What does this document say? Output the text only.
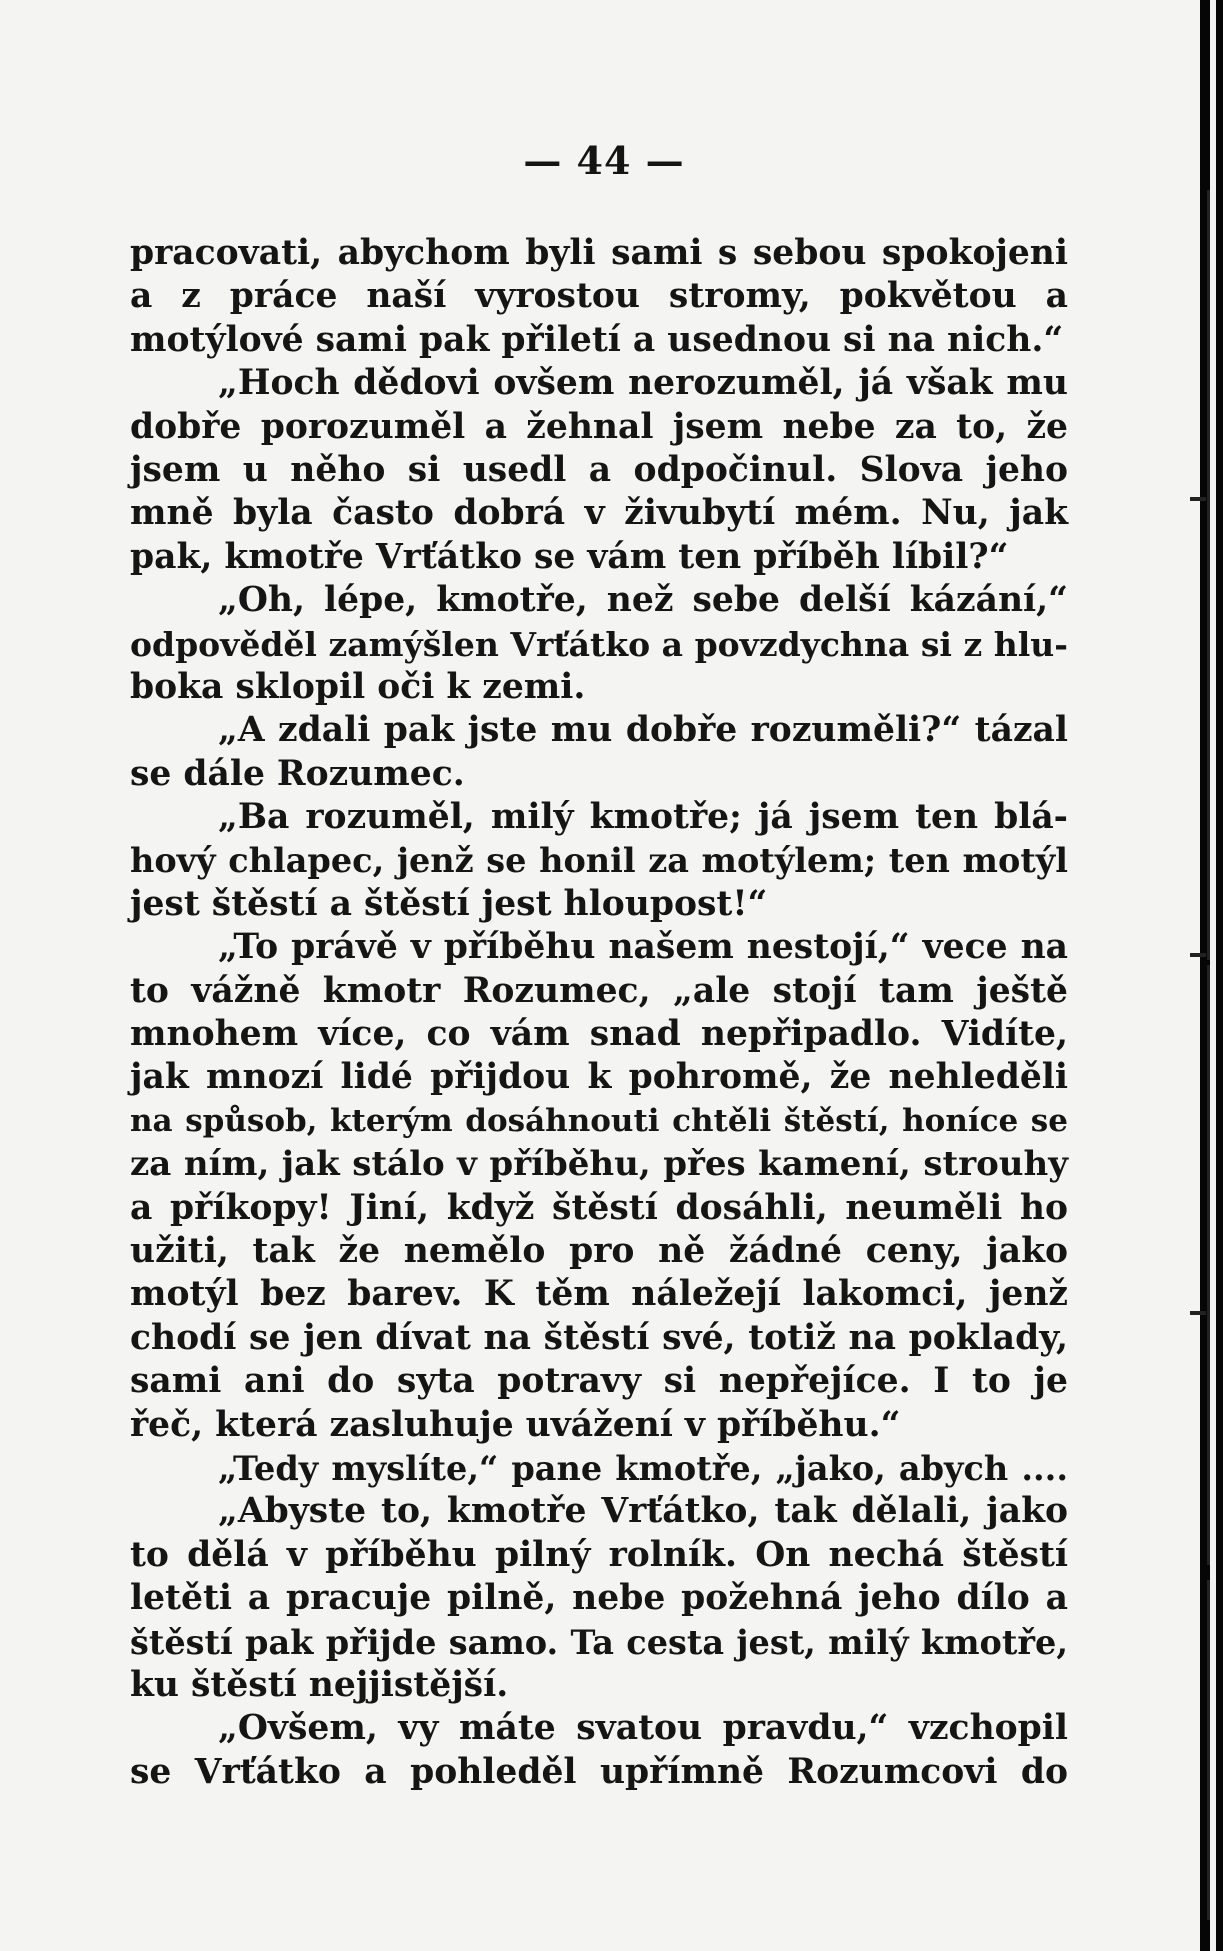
— 44 —
pracovati, abychom byli sami s sebou spokojeni
a z práce naší vyrostou stromy, pokvětou a
motýlové sami pak přiletí a usednou si na nich.“
„Hoch dědovi ovšem nerozuměl, já však mu
dobře porozuměl a žehnal jsem nebe za to, že
jsem u něho si usedl a odpočinul. Slova jeho
mně byla často dobrá v živubytí mém. Nu, jak
pak, kmotře Vrťátko se vám ten příběh líbil?“
„Oh, lépe, kmotře, než sebe delší kázání,“
odpověděl zamýšlen Vrťátko a povzdychna si z hlu-
boka sklopil oči k zemi.
„A zdali pak jste mu dobře rozuměli?“ tázal
se dále Rozumec.
„Ba rozuměl, milý kmotře; já jsem ten blá-
hový chlapec, jenž se honil za motýlem; ten motýl
jest štěstí a štěstí jest hloupost!“
„To právě v příběhu našem nestojí,“ vece na
to vážně kmotr Rozumec, „ale stojí tam ještě
mnohem více, co vám snad nepřipadlo. Vidíte,
jak mnozí lidé přijdou k pohromě, že nehleděli
na spůsob, kterým dosáhnouti chtěli štěstí, honíce se
za ním, jak stálo v příběhu, přes kamení, strouhy
a příkopy! Jiní, když štěstí dosáhli, neuměli ho
užiti, tak že nemělo pro ně žádné ceny, jako
motýl bez barev. K těm náležejí lakomci, jenž
chodí se jen dívat na štěstí své, totiž na poklady,
sami ani do syta potravy si nepřejíce. I to je
řeč, která zasluhuje uvážení v příběhu.“
„Tedy myslíte,“ pane kmotře, „jako, abych ....
„Abyste to, kmotře Vrťátko, tak dělali, jako
to dělá v příběhu pilný rolník. On nechá štěstí
letěti a pracuje pilně, nebe požehná jeho dílo a
štěstí pak přijde samo. Ta cesta jest, milý kmotře,
ku štěstí nejjistější.
„Ovšem, vy máte svatou pravdu,“ vzchopil
se Vrťátko a pohleděl upřímně Rozumcovi do
